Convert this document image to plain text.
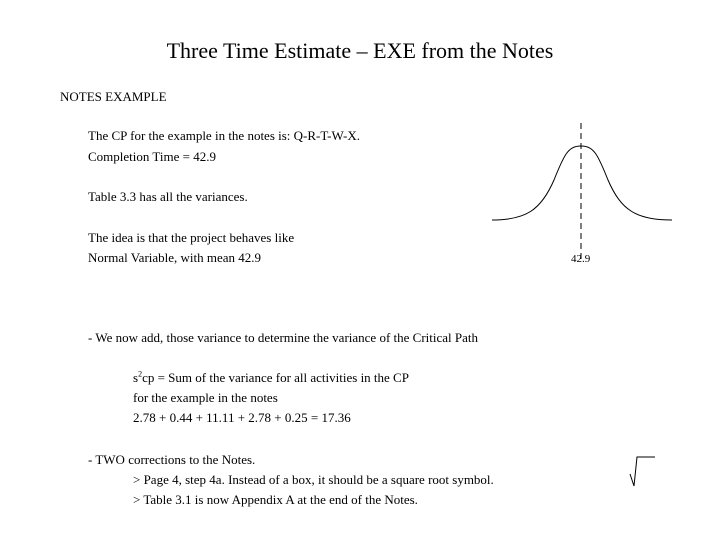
Three Time Estimate – EXE from the Notes
NOTES EXAMPLE
The CP for the example in the notes is: Q-R-T-W-X.
Completion Time = 42.9
Table 3.3 has all the variances.
The idea is that the project behaves like
Normal Variable, with mean 42.9
- We now add, those variance to determine the variance of the Critical Path
$s^2cp$ = Sum of the variance for all activities in the CP
for the example in the notes
2.78 + 0.44 + 11.11 + 2.78 + 0.25 = 17.36
- TWO corrections to the Notes.
> Page 4, step 4a. Instead of a box, it should be a square root symbol.
> Table 3.1 is now Appendix A at the end of the Notes.
42.9
